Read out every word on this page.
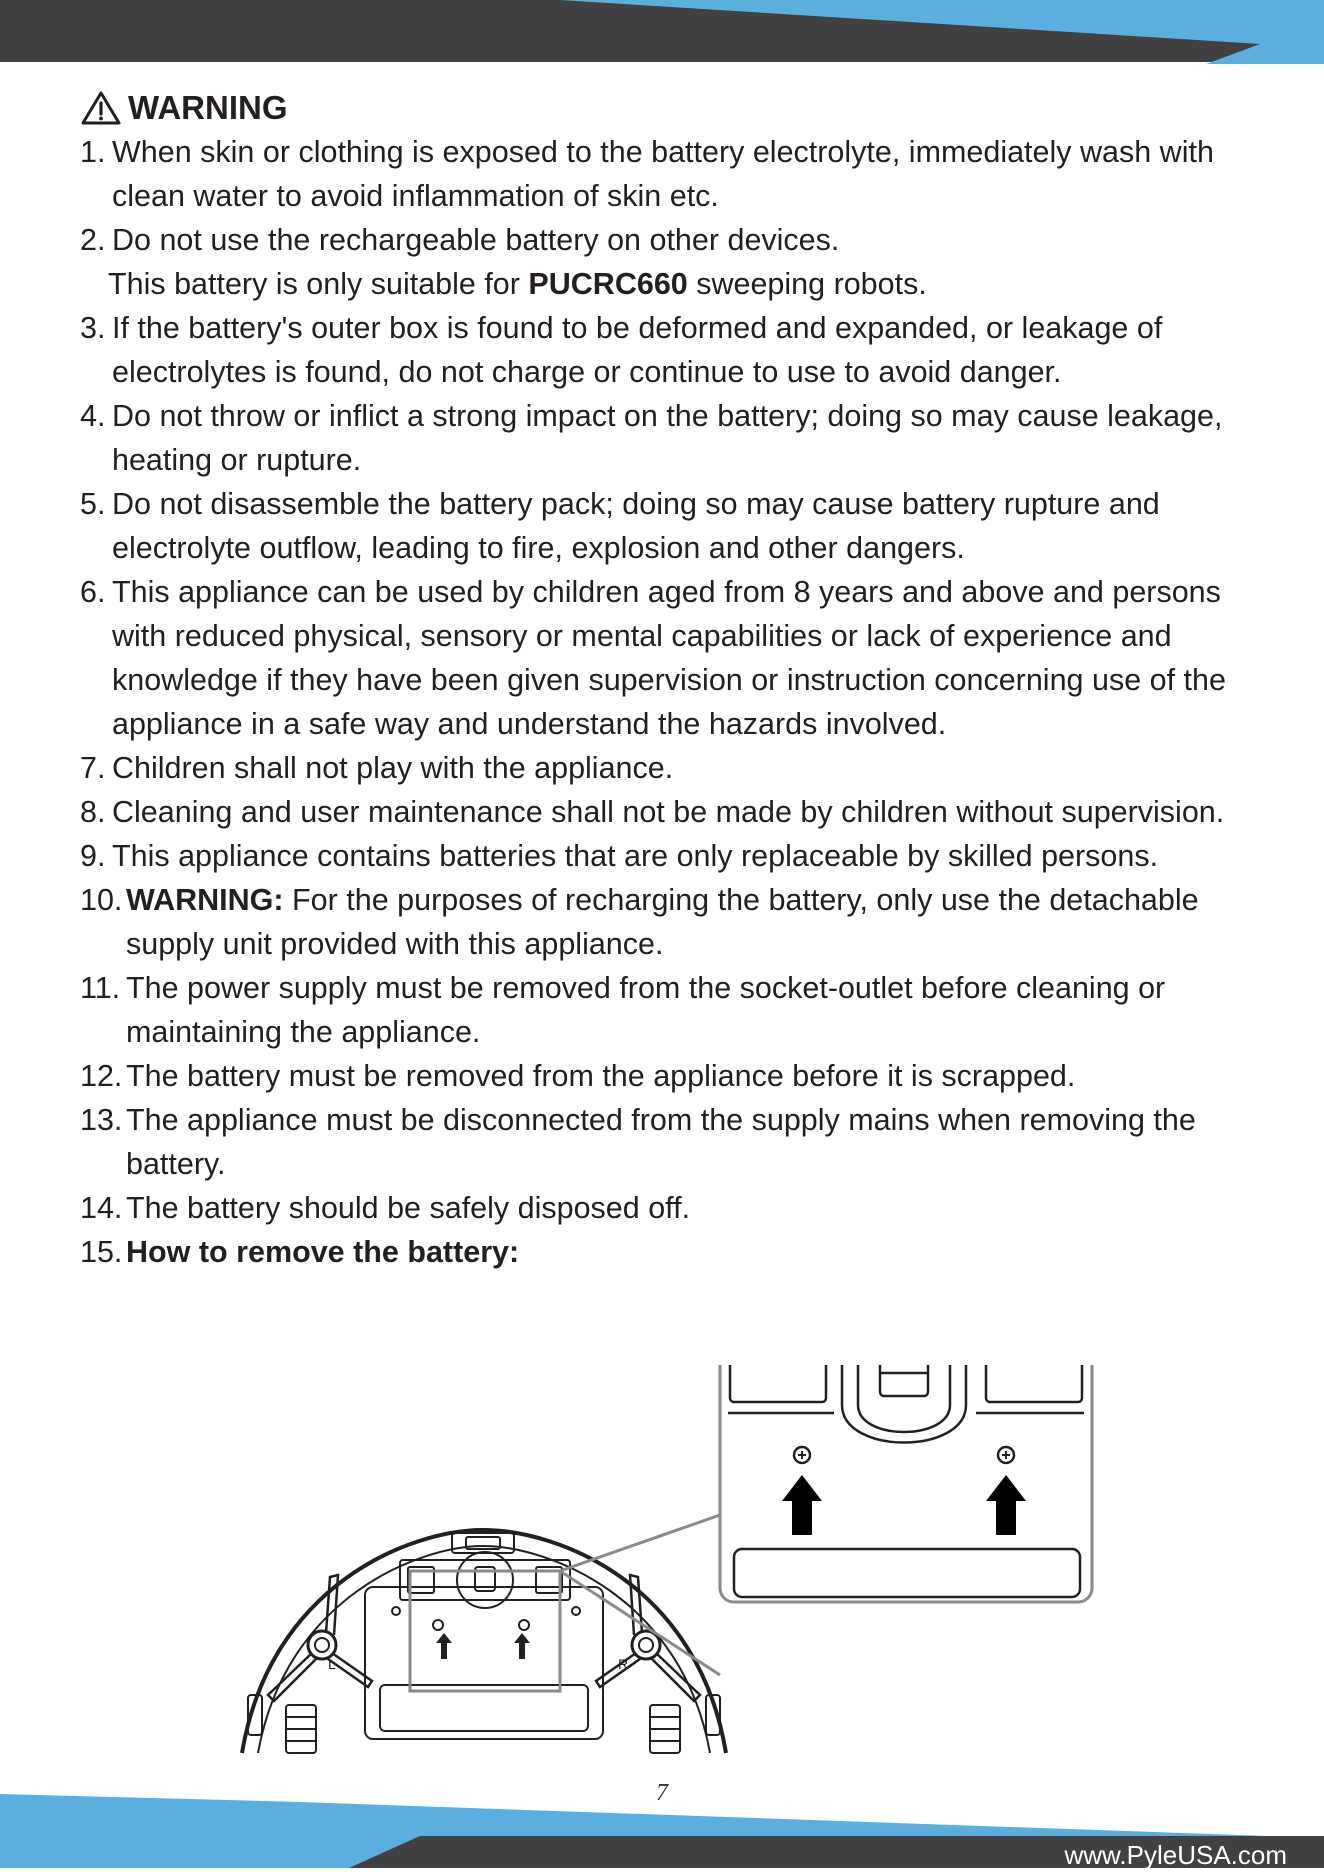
WARNING
1. When skin or clothing is exposed to the battery electrolyte, immediately wash with clean water to avoid inflammation of skin etc.
2. Do not use the rechargeable battery on other devices.
This battery is only suitable for PUCRC660 sweeping robots.
3. If the battery's outer box is found to be deformed and expanded, or leakage of electrolytes is found, do not charge or continue to use to avoid danger.
4. Do not throw or inflict a strong impact on the battery; doing so may cause leakage, heating or rupture.
5. Do not disassemble the battery pack; doing so may cause battery rupture and electrolyte outflow, leading to fire, explosion and other dangers.
6. This appliance can be used by children aged from 8 years and above and persons with reduced physical, sensory or mental capabilities or lack of experience and knowledge if they have been given supervision or instruction concerning use of the appliance in a safe way and understand the hazards involved.
7. Children shall not play with the appliance.
8. Cleaning and user maintenance shall not be made by children without supervision.
9. This appliance contains batteries that are only replaceable by skilled persons.
10. WARNING: For the purposes of recharging the battery, only use the detachable supply unit provided with this appliance.
11. The power supply must be removed from the socket-outlet before cleaning or maintaining the appliance.
12. The battery must be removed from the appliance before it is scrapped.
13. The appliance must be disconnected from the supply mains when removing the battery.
14. The battery should be safely disposed off.
15. How to remove the battery:
L	R
7
www.PyleUSA.com
